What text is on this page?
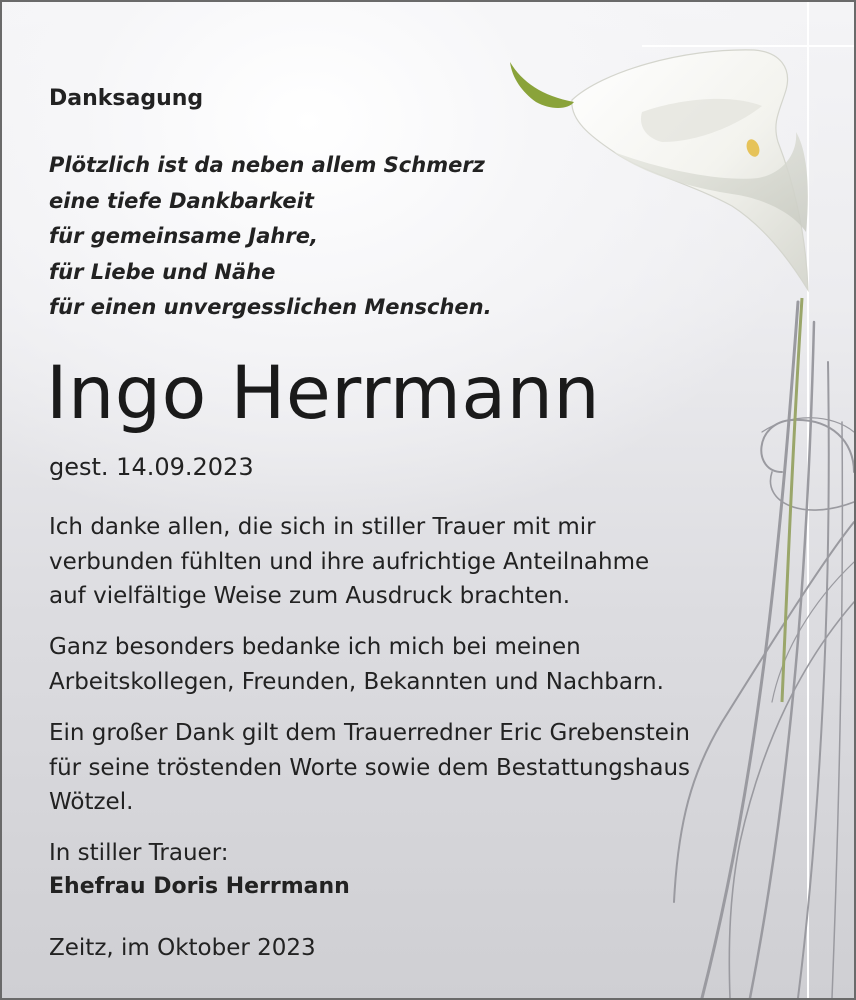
Danksagung
Plötzlich ist da neben allem Schmerz
eine tiefe Dankbarkeit
für gemeinsame Jahre,
für Liebe und Nähe
für einen unvergesslichen Menschen.
Ingo Herrmann
gest. 14.09.2023
Ich danke allen, die sich in stiller Trauer mit mir
verbunden fühlten und ihre aufrichtige Anteilnahme
auf vielfältige Weise zum Ausdruck brachten.
Ganz besonders bedanke ich mich bei meinen
Arbeitskollegen, Freunden, Bekannten und Nachbarn.
Ein großer Dank gilt dem Trauerredner Eric Grebenstein
für seine tröstenden Worte sowie dem Bestattungshaus
Wötzel.
In stiller Trauer:
Ehefrau Doris Herrmann
Zeitz, im Oktober 2023
